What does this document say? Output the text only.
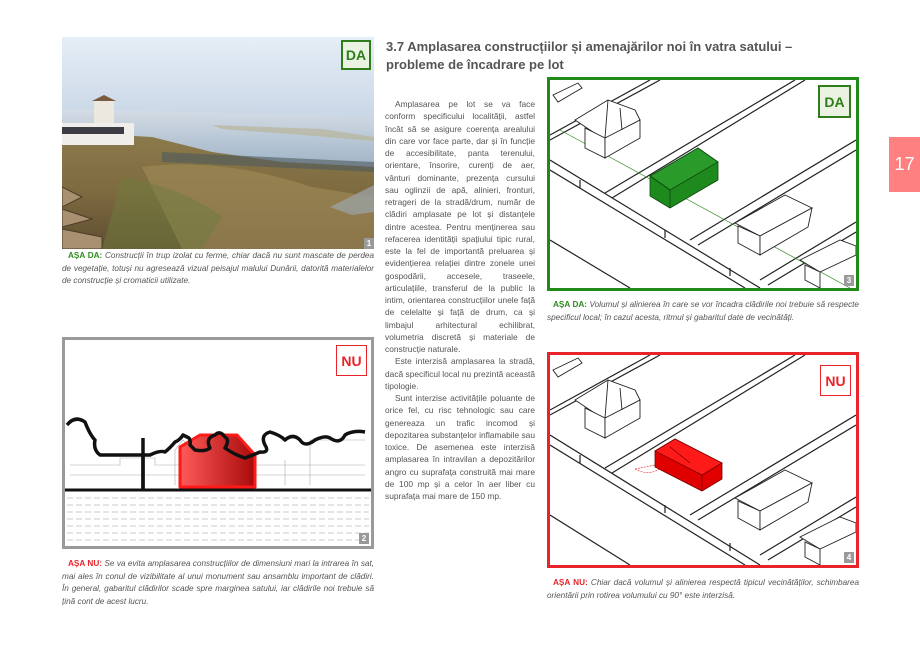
DA
1
AȘA DA: Construcții în trup izolat cu ferme, chiar dacă nu sunt mascate de perdea de vegetație, totuși nu agresează vizual peisajul malului Dunării, datorită materialelor de construcție și cromaticii utilizate.
NU
2
AȘA NU: Se va evita amplasarea construcțiilor de dimensiuni mari la intrarea în sat, mai ales în conul de vizibilitate al unui monument sau ansamblu important de clădiri. În general, gabaritul clădirilor scade spre marginea satului, iar clădirile noi trebuie să țină cont de acest lucru.
3.7 Amplasarea construcțiilor și amenajărilor noi în vatra satului –
probleme de încadrare pe lot

Amplasarea pe lot se va face conform specificului localității, astfel încât să se asigure coerența arealului din care vor face parte, dar și în funcție de accesibilitate, panta terenului, orientare, însorire, curenți de aer, vânturi dominante, prezența cursului sau oglinzii de apă, alinieri, fronturi, retrageri de la stradă/drum, număr de clădiri amplasate pe lot și distanțele dintre acestea. Pentru menținerea sau refacerea identității spațiului tipic rural, este la fel de importantă preluarea și evidențierea relației dintre zonele unei gospodării, accesele, traseele, articulațiile, transferul de la public la intim, orientarea construcțiilor unele față de celelalte și față de drum, ca și limbajul arhitectural echilibrat, volumetria discretă și materiale de construcție naturale.

Este interzisă amplasarea la stradă, dacă specificul local nu prezintă această tipologie.

Sunt interzise activitățile poluante de orice fel, cu risc tehnologic sau care genereaza un trafic incomod și depozitarea substanțelor inflamabile sau toxice. De asemenea este interzisă amplasarea în intravilan a depozitărilor angro cu suprafața construită mai mare de 100 mp și a celor în aer liber cu suprafața mai mare de 150 mp.

17
DA
3
AȘA DA: Volumul și alinierea în care se vor încadra clădirile noi trebuie să respecte specificul local; în cazul acesta, ritmul și gabaritul date de vecinătăți.
NU
4
AȘA NU: Chiar dacă volumul și alinierea respectă tipicul vecinătăților, schimbarea orientării prin rotirea volumului cu 90° este interzisă.
